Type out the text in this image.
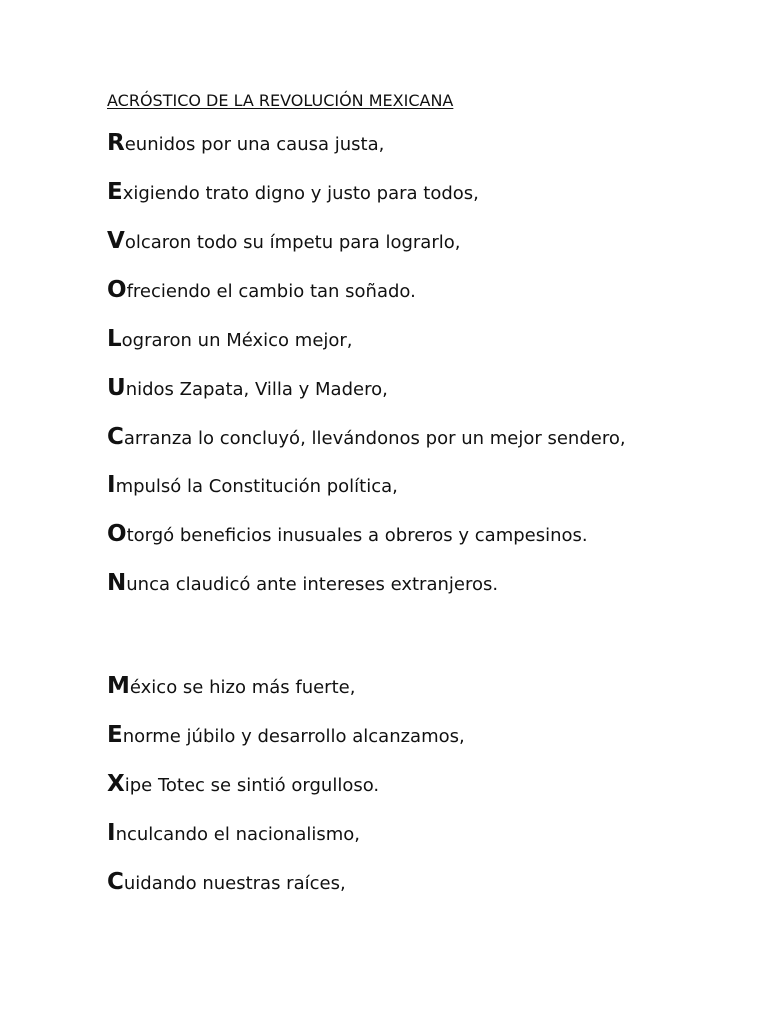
ACRÓSTICO DE LA REVOLUCIÓN MEXICANA

Reunidos por una causa justa,

Exigiendo trato digno y justo para todos,

Volcaron todo su ímpetu para lograrlo,

Ofreciendo el cambio tan soñado.

Lograron un México mejor,

Unidos Zapata, Villa y Madero,

Carranza lo concluyó, llevándonos por un mejor sendero,

Impulsó la Constitución política,

Otorgó beneficios inusuales a obreros y campesinos.

Nunca claudicó ante intereses extranjeros.

México se hizo más fuerte,

Enorme júbilo y desarrollo alcanzamos,

Xipe Totec se sintió orgulloso.

Inculcando el nacionalismo,

Cuidando nuestras raíces,
